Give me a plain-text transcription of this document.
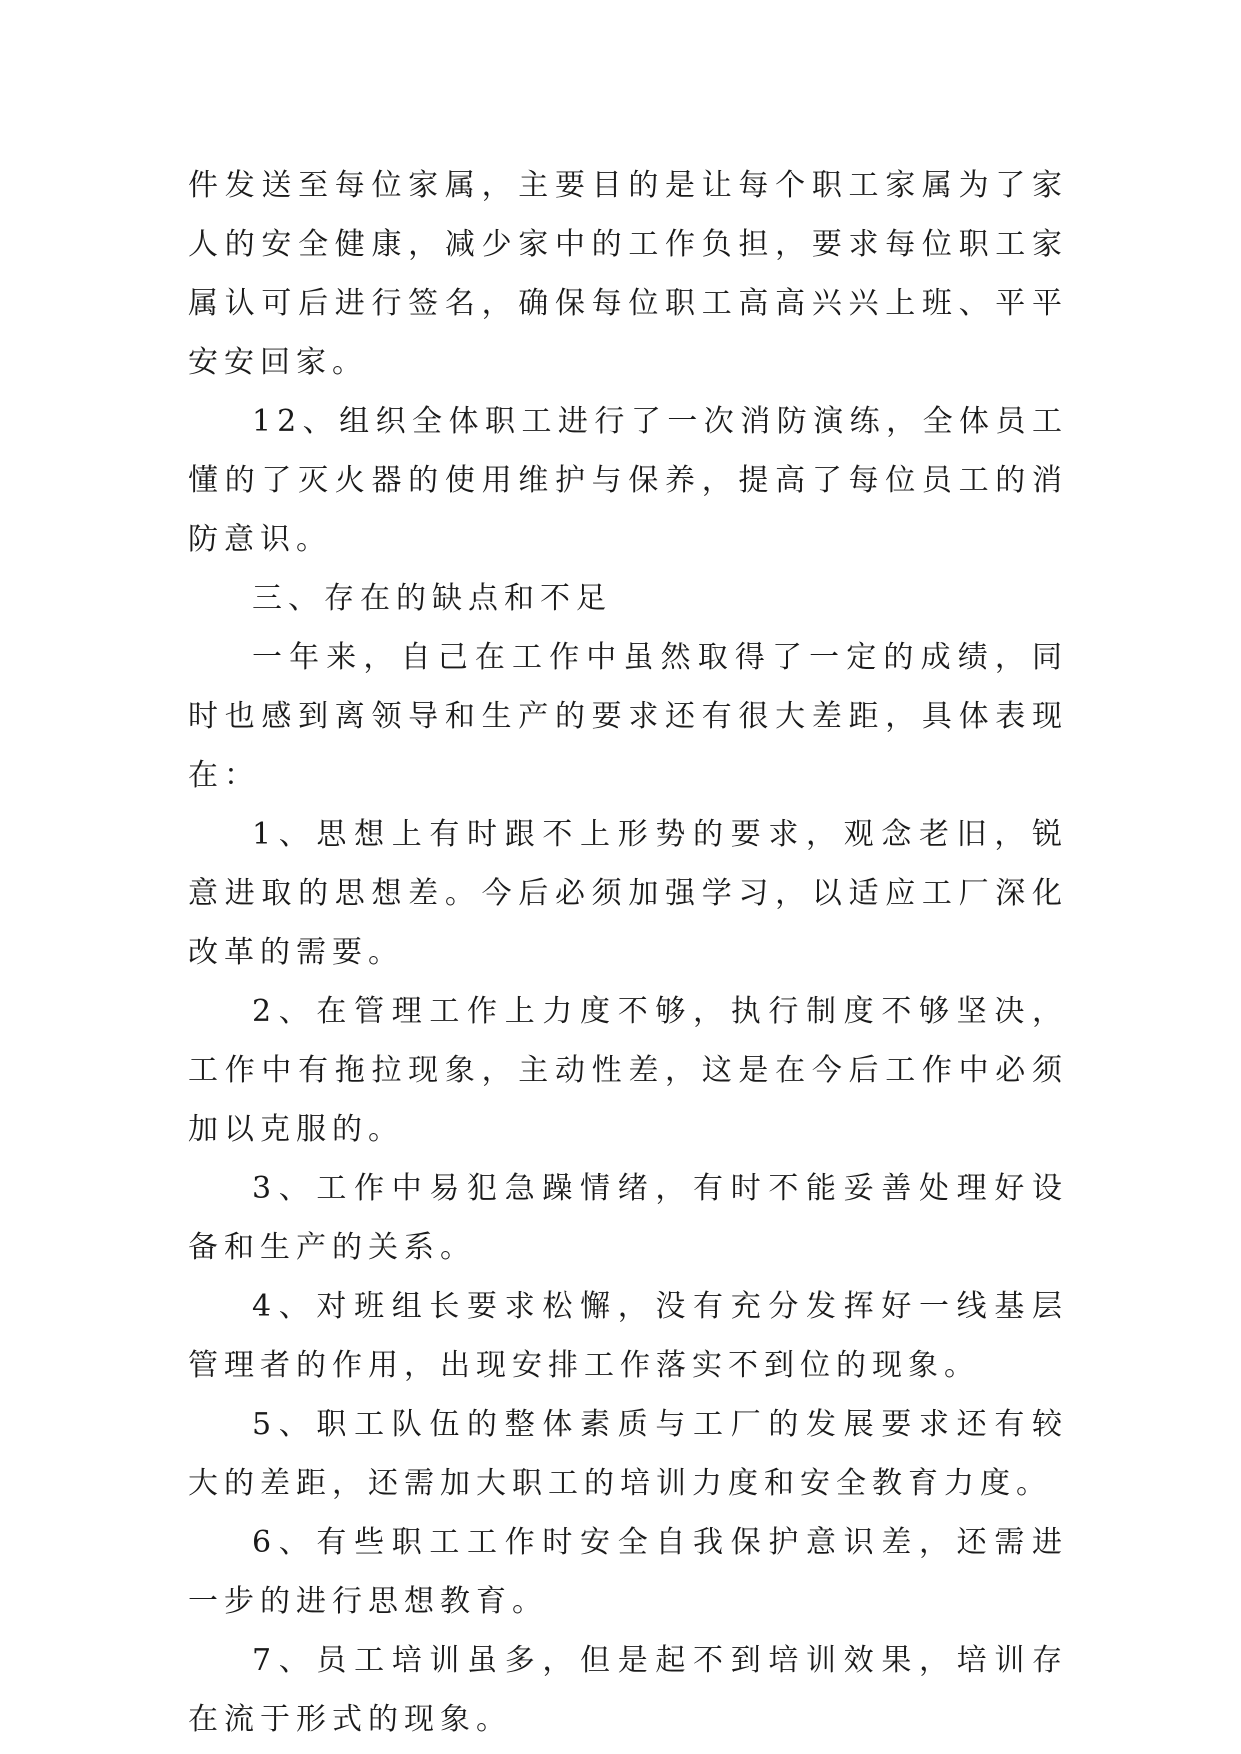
件发送至每位家属，主要目的是让每个职工家属为了家人的安全健康，减少家中的工作负担，要求每位职工家属认可后进行签名，确保每位职工高高兴兴上班、平平安安回家。

12、组织全体职工进行了一次消防演练，全体员工懂的了灭火器的使用维护与保养，提高了每位员工的消防意识。

三、存在的缺点和不足

一年来，自己在工作中虽然取得了一定的成绩，同时也感到离领导和生产的要求还有很大差距，具体表现在：

1、思想上有时跟不上形势的要求，观念老旧，锐意进取的思想差。今后必须加强学习，以适应工厂深化改革的需要。

2、在管理工作上力度不够，执行制度不够坚决，工作中有拖拉现象，主动性差，这是在今后工作中必须加以克服的。

3、工作中易犯急躁情绪，有时不能妥善处理好设备和生产的关系。

4、对班组长要求松懈，没有充分发挥好一线基层管理者的作用，出现安排工作落实不到位的现象。

5、职工队伍的整体素质与工厂的发展要求还有较大的差距，还需加大职工的培训力度和安全教育力度。

6、有些职工工作时安全自我保护意识差，还需进一步的进行思想教育。

7、员工培训虽多，但是起不到培训效果，培训存在流于形式的现象。
